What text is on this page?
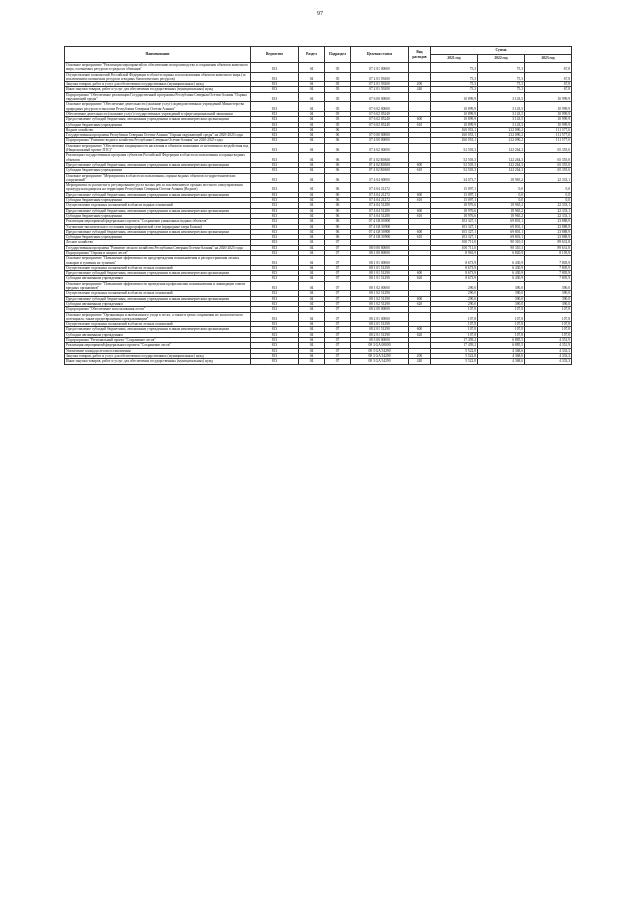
97
Наименование	Ведомство	Раздел	Подраздел	Целевая статья	Вид расходов	Сумма		
						2021 год	2022 год	2023 год
Основное мероприятие "Реализация мероприятий по обеспечению воспроизводства и сохранения объектов животного мира, охотничьих ресурсов и среды их обитания"	813	04	05	07 2 01 00000		75,3	75,3	67,8
Осуществление полномочий Российской Федерации в области охраны и использования объектов животного мира (за исключением охотничьих ресурсов и водных биологических ресурсов)	813	04	05	07 2 01 59200		75,3	75,3	67,8
Закупка товаров, работ и услуг для обеспечения государственных (муниципальных) нужд	813	04	05	07 2 01 59200	200	75,3	75,3	67,8
Иные закупки товаров, работ и услуг для обеспечения государственных (муниципальных) нужд	813	04	05	07 2 01 59200	240	75,3	75,3	67,8
Подпрограмма "Обеспечение реализации Государственной программы Республики Северная Осетия-Алания "Охрана окружающей среды"	813	04	05	07 6 00 00000		10 899,9	3 143,5	10 999,9
Основное мероприятие "Обеспечение деятельности (оказание услуг) подведомственных учреждений Министерства природных ресурсов и экологии Республики Северная Осетия-Алания"	813	04	05	07 6 02 00000		10 899,9	3 143,5	10 999,9
Обеспечение деятельности (оказание услуг) государственных учреждений в сфере национальной экономики	813	04	05	07 6 02 05240		10 899,9	3 143,5	10 999,9
Предоставление субсидий бюджетным, автономным учреждениям и иным некоммерческим организациям	813	04	05	07 6 02 05240	600	10 899,9	3 143,5	10 999,9
Субсидии бюджетным учреждениям	813	04	05	07 6 02 05240	610	10 899,9	3 143,5	10 999,9
Водное хозяйство	813	04	06			160 053,1	212 090,2	111 577,0
Государственная программа Республики Северная Осетия-Алания "Охрана окружающей среды" на 2020-2025 годы	813	04	06	07 0 00 00000		160 053,1	212 090,2	111 577,0
Подпрограмма "Развитие водного хозяйства Республики Северная Осетия-Алания" на 2020-2025 годы	813	04	06	07 4 00 00000		160 053,1	212 090,2	111 577,0
Основное мероприятие "Обеспечение защищенности населения и объектов экономики от негативного воздействия вод (Национальный проект ПТС)"	813	04	06	07 4 02 00000		52 503,3	122 264,3	65 355,0
Реализация государственных программ субъектов Российской Федерации в области использования и охраны водных объектов	813	04	06	07 4 02 R0650		52 503,3	122 264,3	65 355,0
Предоставление субсидий бюджетным, автономным учреждениям и иным некоммерческим организациям	813	04	06	07 4 02 R0650	600	52 503,3	122 264,3	65 355,0
Субсидии бюджетным учреждениям	813	04	06	07 4 02 R0650	610	52 503,3	122 264,3	65 355,0
Основное мероприятие "Мероприятия в области использования, охраны водных объектов и гидротехнических сооружений"	813	04	06	07 4 04 00000		34 073,7	18 965,2	22 333,1
Мероприятия по расчистке и регулированию русел малых рек за исключением в органах местного самоуправления процедур находящихся на территории Республики Северная Осетия-Алания (Водное)	813	04	06	07 4 04 21272		15 097,1	0,0	0,0
Предоставление субсидий бюджетным, автономным учреждениям и иным некоммерческим организациям	813	04	06	07 4 04 21272	600	15 097,1	0,0	0,0
Субсидии бюджетным учреждениям	813	04	06	07 4 04 21272	610	15 097,1	0,0	0,0
Осуществление отдельных полномочий в области водных отношений	813	04	06	07 4 04 51280		18 976,6	18 965,2	22 333,1
Предоставление субсидий бюджетным, автономным учреждениям и иным некоммерческим организациям	813	04	06	07 4 04 51280	600	18 976,6	18 965,2	22 333,1
Субсидии бюджетным учреждениям	813	04	06	07 4 04 51280	610	18 976,6	18 965,2	22 333,1
Реализация мероприятий федерального проекта "Сохранение уникальных водных объектов"	813	04	06	07 4 G8 00000		103 327,1	69 801,1	23 888,9
Улучшение экологического состояния гидрографической сети (природные озера Балкан)	813	04	06	07 4 G8 50900		103 327,1	69 801,1	23 888,9
Предоставление субсидий бюджетным, автономным учреждениям и иным некоммерческим организациям	813	04	06	07 4 G8 50900	600	103 327,1	69 801,1	23 888,9
Субсидии бюджетным учреждениям	813	04	06	07 4 G8 50900	610	103 327,1	69 801,1	23 888,9
Лесное хозяйство	813	04	07			100 711,0	90 310,3	89 631,8
Государственная программа "Развитие лесного хозяйства Республики Северная Осетия-Алания" на 2020-2025 годы	813	04	07	08 0 00 00000		100 711,0	90 310,3	89 631,8
Подпрограмма "Охрана и защита лесов"	813	04	07	08 1 00 00000		8 963,9	6 820,9	8 195,9
Основное мероприятие "Повышение эффективности предупреждения возникновения и распространения лесных пожаров и тушения их тушения"	813	04	07	08 1 01 00000		8 673,9	6 430,9	7 805,9
Осуществление отдельных полномочий в области лесных отношений	813	04	07	08 1 01 51290		8 673,9	6 430,9	7 805,9
Предоставление субсидий бюджетным, автономным учреждениям и иным некоммерческим организациям	813	04	07	08 1 01 51290	600	8 673,9	6 430,9	7 805,9
Субсидии автономным учреждениям	813	04	07	08 1 01 51290	620	8 673,9	6 430,9	7 805,9
Основное мероприятие "Повышение эффективности проведения профилактики возникновения и ликвидации очагов вредных организмов"	813	04	07	08 1 02 00000		290,0	390,0	390,0
Осуществление отдельных полномочий в области лесных отношений	813	04	07	08 1 02 51290		290,0	390,0	390,0
Предоставление субсидий бюджетным, автономным учреждениям и иным некоммерческим организациям	813	04	07	08 1 02 51290	600	290,0	390,0	390,0
Субсидии автономным учреждениям	813	04	07	08 1 02 51290	620	290,0	390,0	390,0
Подпрограмма "Обеспечение использования лесов"	813	04	07	08 2 00 00000		107,8	107,8	107,8
Основное мероприятие "Организация и интенсивного ухода в лесах, а также в целях сохранения их экологического потенциала, также предотвращения и рекультивации"	813	04	07	08 2 01 00000		107,8	107,8	107,8
Осуществление отдельных полномочий в области лесных отношений	813	04	07	08 2 01 51290		107,8	107,8	107,8
Предоставление субсидий бюджетным, автономным учреждениям и иным некоммерческим организациям	813	04	07	08 2 01 51290	600	107,8	107,8	107,8
Субсидии автономным учреждениям	813	04	07	08 2 01 51290	620	107,8	107,8	107,8
Подпрограмма "Региональный проект "Сохранение лесов"	813	04	07	08 3 00 00000		17 459,2	6 885,5	4 351,9
Реализация мероприятий федерального проекта "Сохранение лесов"	813	04	07	08 3 GA 00000		17 459,2	6 885,5	4 351,9
Увеличение площади лесовосстановления	813	04	07	08 3 GA 54290		5 522,8	4 368,6	4 333,3
Закупка товаров, работ и услуг для обеспечения государственных (муниципальных) нужд	813	04	07	08 3 GA 54290	200	5 522,8	4 368,6	4 333,3
Иные закупки товаров, работ и услуг для обеспечения государственных (муниципальных) нужд	813	04	07	08 3 GA 54290	240	5 522,8	4 368,6	4 333,3
